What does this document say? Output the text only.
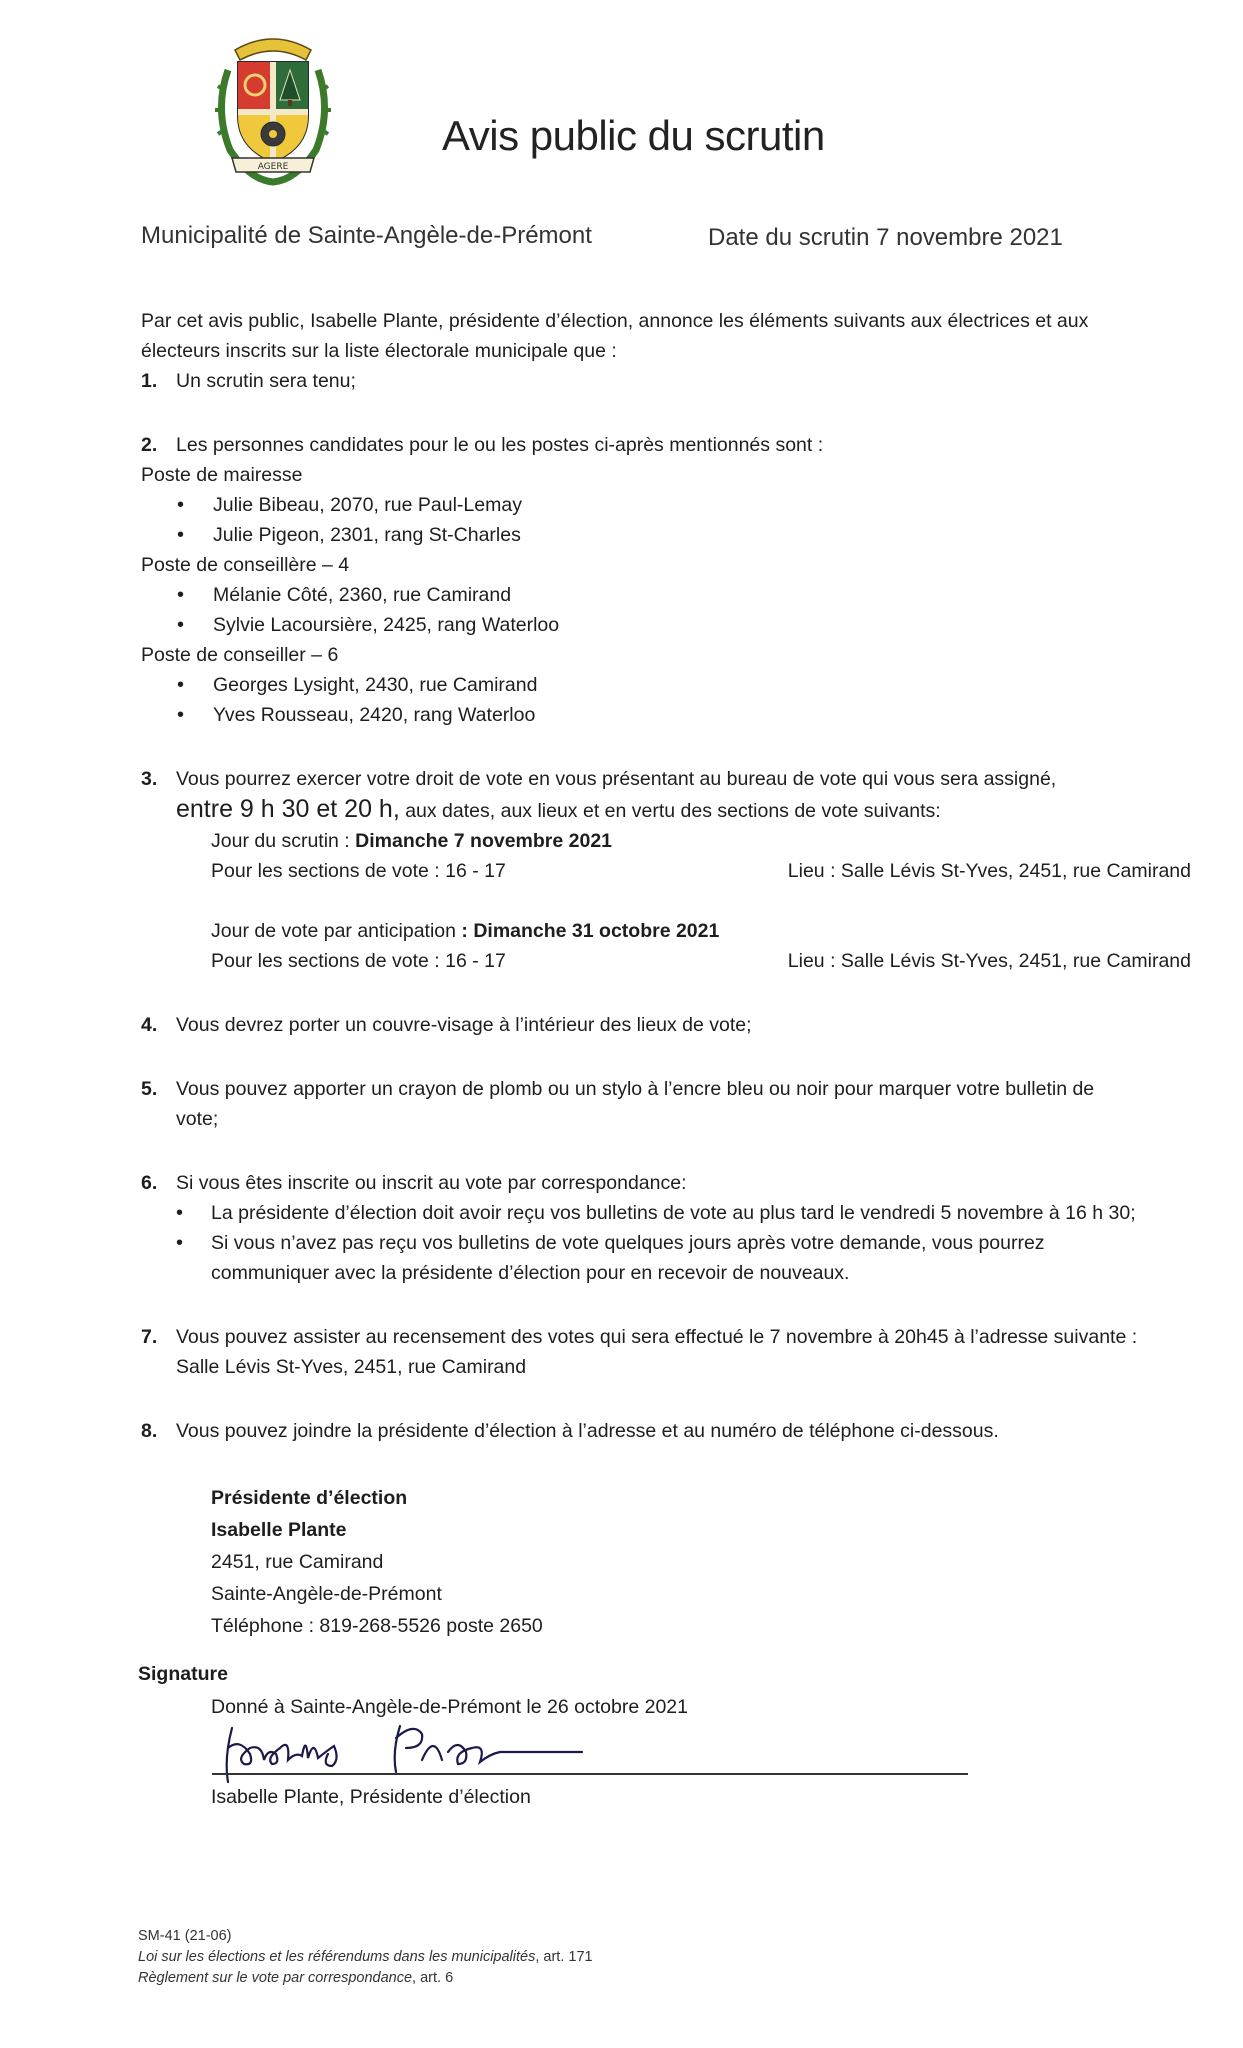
AGERE
Avis public du scrutin
Municipalité de Sainte-Angèle-de-Prémont	Date du scrutin 7 novembre 2021

Par cet avis public, Isabelle Plante, présidente d’élection, annonce les éléments suivants aux électrices et aux électeurs inscrits sur la liste électorale municipale que :

1. Un scrutin sera tenu;
2. Les personnes candidates pour le ou les postes ci-après mentionnés sont :

Poste de mairesse

• Julie Bibeau, 2070, rue Paul-Lemay

• Julie Pigeon, 2301, rang St-Charles

Poste de conseillère – 4

• Mélanie Côté, 2360, rue Camirand

• Sylvie Lacoursière, 2425, rang Waterloo

Poste de conseiller – 6

• Georges Lysight, 2430, rue Camirand

• Yves Rousseau, 2420, rang Waterloo

3. Vous pourrez exercer votre droit de vote en vous présentant au bureau de vote qui vous sera assigné,
entre 9 h 30 et 20 h, aux dates, aux lieux et en vertu des sections de vote suivants:

Jour du scrutin : Dimanche 7 novembre 2021

Pour les sections de vote : 16 - 17	Lieu : Salle Lévis St-Yves, 2451, rue Camirand

Jour de vote par anticipation : Dimanche 31 octobre 2021

Pour les sections de vote : 16 - 17	Lieu : Salle Lévis St-Yves, 2451, rue Camirand
4. Vous devrez porter un couvre-visage à l’intérieur des lieux de vote;
5. Vous pouvez apporter un crayon de plomb ou un stylo à l’encre bleu ou noir pour marquer votre bulletin de vote;
6. Si vous êtes inscrite ou inscrit au vote par correspondance:

• La présidente d’élection doit avoir reçu vos bulletins de vote au plus tard le vendredi 5 novembre à 16 h 30;

• Si vous n’avez pas reçu vos bulletins de vote quelques jours après votre demande, vous pourrez communiquer avec la présidente d’élection pour en recevoir de nouveaux.

7. Vous pouvez assister au recensement des votes qui sera effectué le 7 novembre à 20h45 à l’adresse suivante : Salle Lévis St-Yves, 2451, rue Camirand
8. Vous pouvez joindre la présidente d’élection à l’adresse et au numéro de téléphone ci-dessous.

Présidente d’élection

Isabelle Plante

2451, rue Camirand

Sainte-Angèle-de-Prémont

Téléphone : 819-268-5526 poste 2650

Signature
Donné à Sainte-Angèle-de-Prémont le 26 octobre 2021
Isabelle Plante, Présidente d’élection
SM-41 (21-06)
Loi sur les élections et les référendums dans les municipalités, art. 171
Règlement sur le vote par correspondance, art. 6
